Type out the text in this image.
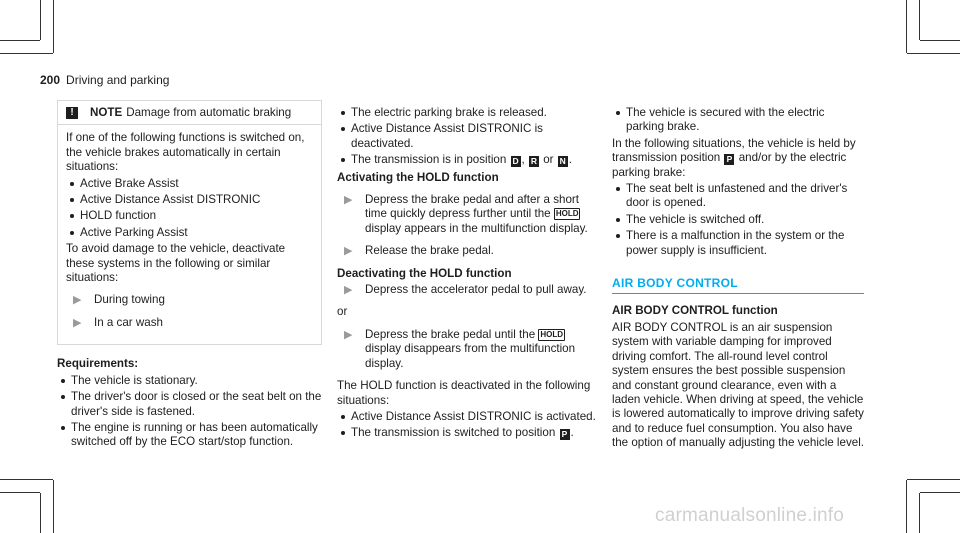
200 Driving and parking
!	NOTE Damage from automatic braking

If one of the following functions is switched on, the vehicle brakes automatically in certain situations:

Active Brake Assist
Active Distance Assist DISTRONIC
HOLD function
Active Parking Assist

To avoid damage to the vehicle, deactivate these systems in the following or similar situations:

▶	During towing
▶	In a car wash
Requirements:
The vehicle is stationary.
The driver's door is closed or the seat belt on the driver's side is fastened.
The engine is running or has been automatically switched off by the ECO start/stop function.
The electric parking brake is released.
Active Distance Assist DISTRONIC is deactivated.
The transmission is in position D , R or N .
Activating the HOLD function
▶	Depress the brake pedal and after a short time quickly depress further until the HOLD display appears in the multifunction display.
▶	Release the brake pedal.
Deactivating the HOLD function
▶	Depress the accelerator pedal to pull away.

or

▶	Depress the brake pedal until the HOLD display disappears from the multifunction display.

The HOLD function is deactivated in the following situations:

Active Distance Assist DISTRONIC is activated.
The transmission is switched to position P .
The vehicle is secured with the electric parking brake.

In the following situations, the vehicle is held by transmission position P and/or by the electric parking brake:

The seat belt is unfastened and the driver's door is opened.
The vehicle is switched off.
There is a malfunction in the system or the power supply is insufficient.
AIR BODY CONTROL
AIR BODY CONTROL function

AIR BODY CONTROL is an air suspension system with variable damping for improved driving comfort. The all-round level control system ensures the best possible suspension and constant ground clearance, even with a laden vehicle. When driving at speed, the vehicle is lowered automatically to improve driving safety and to reduce fuel consumption. You also have the option of manually adjusting the vehicle level.

carmanualsonline.info
